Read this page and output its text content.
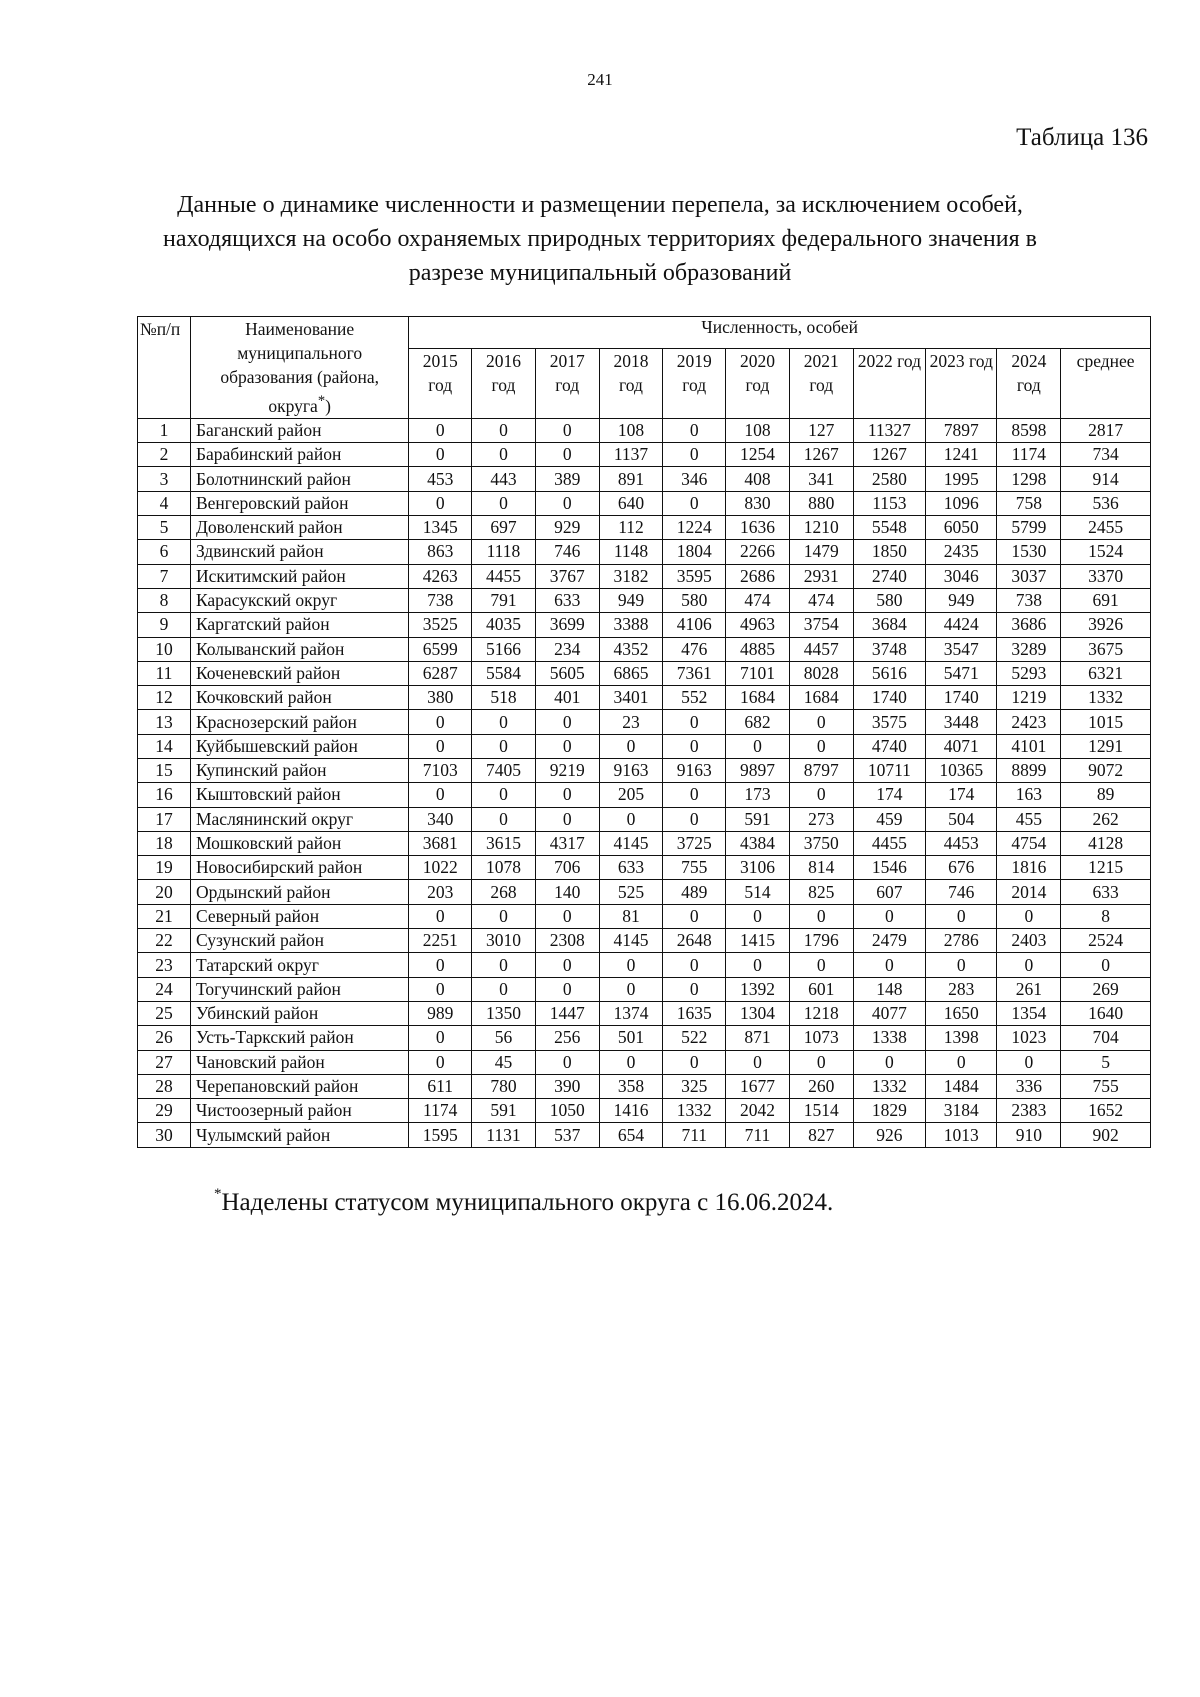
241
Таблица 136
Данные о динамике численности и размещении перепела, за исключением особей, находящихся на особо охраняемых природных территориях федерального значения в разрезе муниципальный образований
№п/п	Наименование муниципального образования (района, округа*)	Численность, особей										
		2015 год	2016 год	2017 год	2018 год	2019 год	2020 год	2021 год	2022 год	2023 год	2024 год	среднее
1	Баганский район	0	0	0	108	0	108	127	11327	7897	8598	2817
2	Барабинский район	0	0	0	1137	0	1254	1267	1267	1241	1174	734
3	Болотнинский район	453	443	389	891	346	408	341	2580	1995	1298	914
4	Венгеровский район	0	0	0	640	0	830	880	1153	1096	758	536
5	Доволенский район	1345	697	929	112	1224	1636	1210	5548	6050	5799	2455
6	Здвинский район	863	1118	746	1148	1804	2266	1479	1850	2435	1530	1524
7	Искитимский район	4263	4455	3767	3182	3595	2686	2931	2740	3046	3037	3370
8	Карасукский округ	738	791	633	949	580	474	474	580	949	738	691
9	Каргатский район	3525	4035	3699	3388	4106	4963	3754	3684	4424	3686	3926
10	Колыванский район	6599	5166	234	4352	476	4885	4457	3748	3547	3289	3675
11	Коченевский район	6287	5584	5605	6865	7361	7101	8028	5616	5471	5293	6321
12	Кочковский район	380	518	401	3401	552	1684	1684	1740	1740	1219	1332
13	Краснозерский район	0	0	0	23	0	682	0	3575	3448	2423	1015
14	Куйбышевский район	0	0	0	0	0	0	0	4740	4071	4101	1291
15	Купинский район	7103	7405	9219	9163	9163	9897	8797	10711	10365	8899	9072
16	Кыштовский район	0	0	0	205	0	173	0	174	174	163	89
17	Маслянинский округ	340	0	0	0	0	591	273	459	504	455	262
18	Мошковский район	3681	3615	4317	4145	3725	4384	3750	4455	4453	4754	4128
19	Новосибирский район	1022	1078	706	633	755	3106	814	1546	676	1816	1215
20	Ордынский район	203	268	140	525	489	514	825	607	746	2014	633
21	Северный район	0	0	0	81	0	0	0	0	0	0	8
22	Сузунский район	2251	3010	2308	4145	2648	1415	1796	2479	2786	2403	2524
23	Татарский округ	0	0	0	0	0	0	0	0	0	0	0
24	Тогучинский район	0	0	0	0	0	1392	601	148	283	261	269
25	Убинский район	989	1350	1447	1374	1635	1304	1218	4077	1650	1354	1640
26	Усть-Таркский район	0	56	256	501	522	871	1073	1338	1398	1023	704
27	Чановский район	0	45	0	0	0	0	0	0	0	0	5
28	Черепановский район	611	780	390	358	325	1677	260	1332	1484	336	755
29	Чистоозерный район	1174	591	1050	1416	1332	2042	1514	1829	3184	2383	1652
30	Чулымский район	1595	1131	537	654	711	711	827	926	1013	910	902
*Наделены статусом муниципального округа с 16.06.2024.
